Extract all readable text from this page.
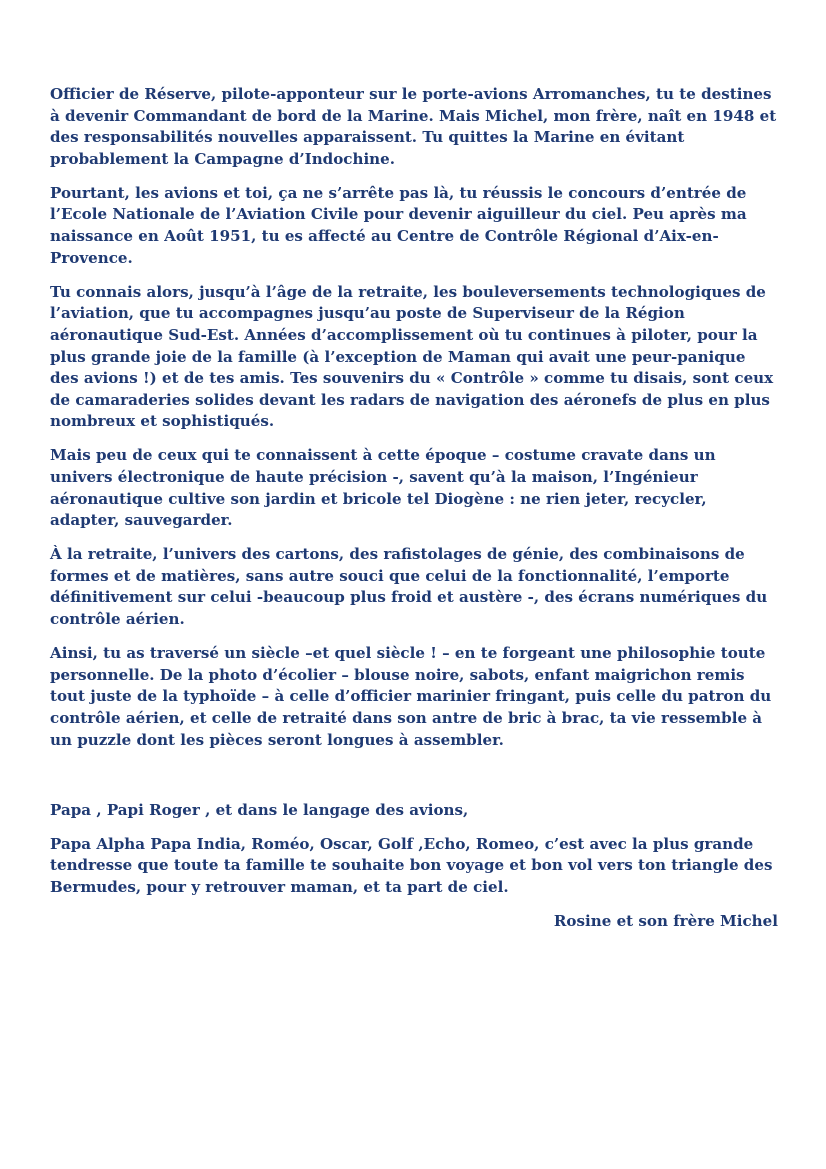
Officier de Réserve, pilote-apponteur sur le porte-avions Arromanches, tu te destines à devenir Commandant de bord de la Marine. Mais Michel, mon frère, naît en 1948 et des responsabilités nouvelles apparaissent. Tu quittes la Marine en évitant probablement la Campagne d’Indochine.

Pourtant, les avions et toi, ça ne s’arrête pas là, tu réussis le concours d’entrée de l’Ecole Nationale de l’Aviation Civile pour devenir aiguilleur du ciel. Peu après ma naissance en Août 1951, tu es affecté au Centre de Contrôle Régional d’Aix-en-Provence.

Tu connais alors, jusqu’à l’âge de la retraite, les bouleversements technologiques de l’aviation, que tu accompagnes jusqu’au poste de Superviseur de la Région aéronautique Sud-Est. Années d’accomplissement où tu continues à piloter, pour la plus grande joie de la famille (à l’exception de Maman qui avait une peur-panique des avions !) et de tes amis. Tes souvenirs du « Contrôle » comme tu disais, sont ceux de camaraderies solides devant les radars de navigation des aéronefs de plus en plus nombreux et sophistiqués.

Mais peu de ceux qui te connaissent à cette époque – costume cravate dans un univers électronique de haute précision -, savent qu’à la maison, l’Ingénieur aéronautique cultive son jardin et bricole tel Diogène : ne rien jeter, recycler, adapter, sauvegarder.

À la retraite, l’univers des cartons, des rafistolages de génie, des combinaisons de formes et de matières, sans autre souci que celui de la fonctionnalité, l’emporte définitivement sur celui -beaucoup plus froid et austère -, des écrans numériques du contrôle aérien.

Ainsi, tu as traversé un siècle –et quel siècle ! – en te forgeant une philosophie toute personnelle. De la photo d’écolier – blouse noire, sabots, enfant maigrichon remis tout juste de la typhoïde – à celle d’officier marinier fringant, puis celle du patron du contrôle aérien, et celle de retraité dans son antre de bric à brac, ta vie ressemble à un puzzle dont les pièces seront longues à assembler.

Papa , Papi Roger , et dans le langage des avions,

Papa Alpha Papa India, Roméo, Oscar, Golf ,Echo, Romeo, c’est avec la plus grande tendresse que toute ta famille te souhaite bon voyage et bon vol vers ton triangle des Bermudes, pour y retrouver maman, et ta part de ciel.

Rosine et son frère Michel
